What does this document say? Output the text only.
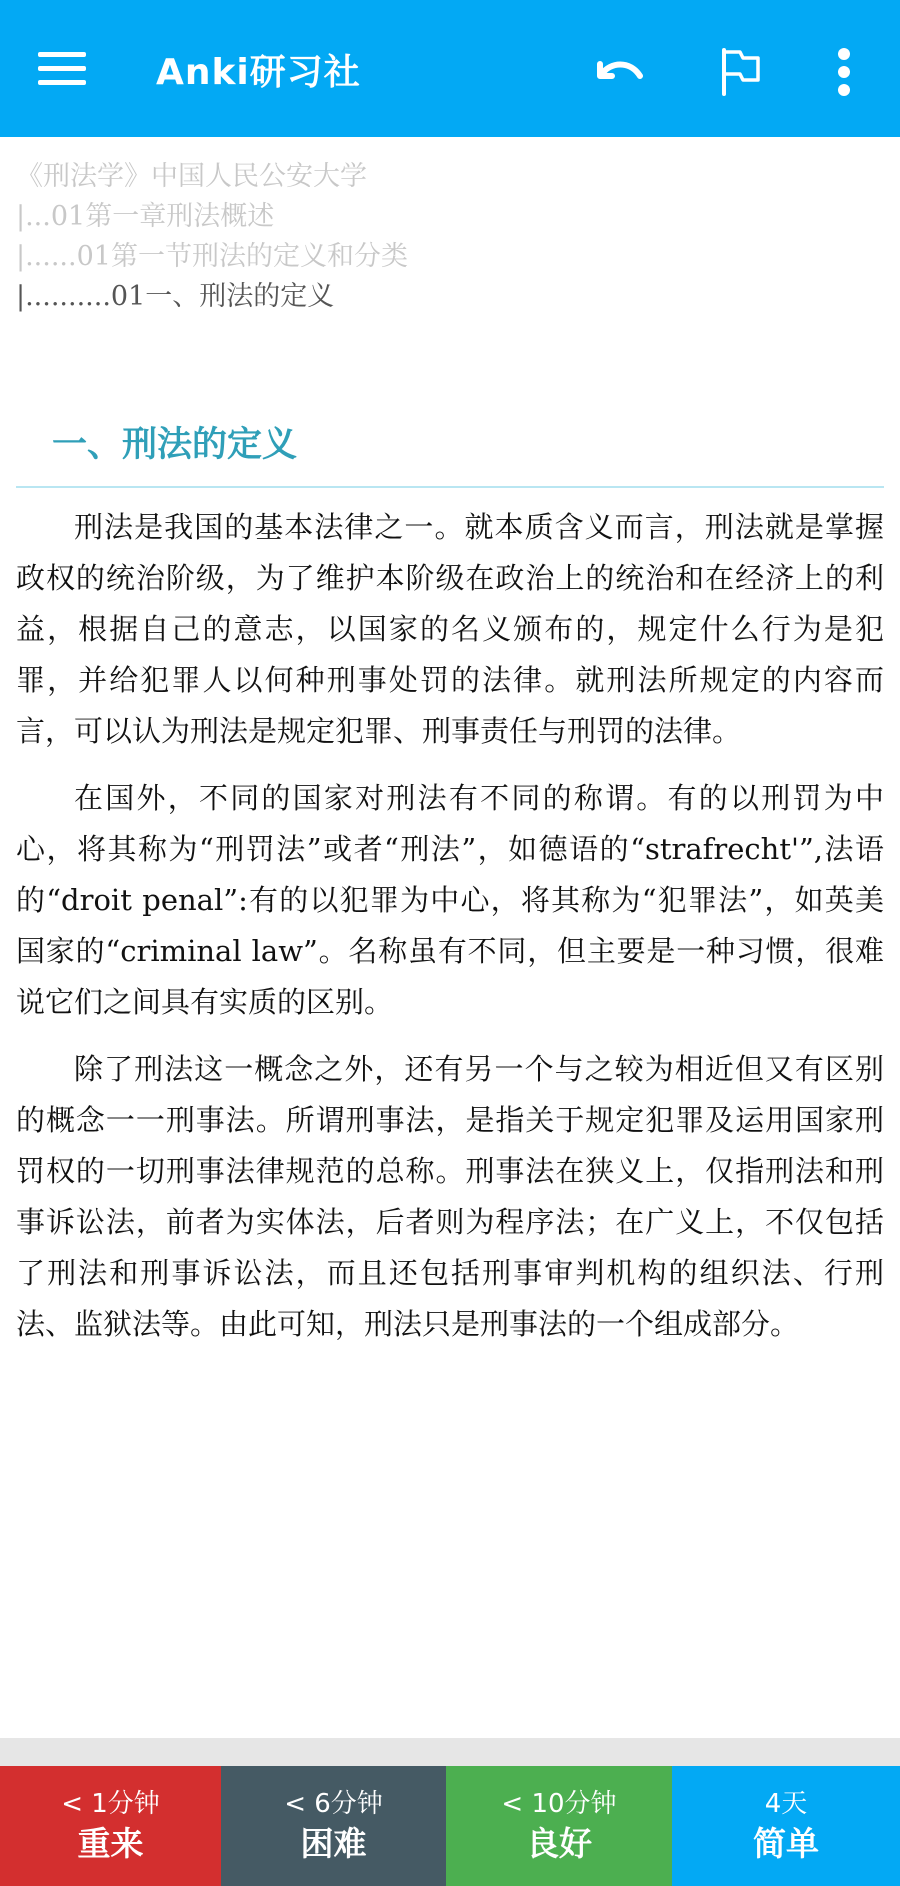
Anki研习社
《刑法学》中国人民公安大学
|...01第一章刑法概述
|......01第一节刑法的定义和分类
|..........01一、刑法的定义
一、刑法的定义

刑法是我国的基本法律之一。就本质含义而言，刑法就是掌握政权的统治阶级，为了维护本阶级在政治上的统治和在经济上的利益，根据自己的意志，以国家的名义颁布的，规定什么行为是犯罪，并给犯罪人以何种刑事处罚的法律。就刑法所规定的内容而言，可以认为刑法是规定犯罪、刑事责任与刑罚的法律。

在国外，不同的国家对刑法有不同的称谓。有的以刑罚为中心，将其称为“刑罚法”或者“刑法”，如德语的“strafrecht'”,法语的“droit penal”:有的以犯罪为中心，将其称为“犯罪法”，如英美国家的“criminal law”。名称虽有不同，但主要是一种习惯，很难说它们之间具有实质的区别。

除了刑法这一概念之外，还有另一个与之较为相近但又有区别的概念一一刑事法。所谓刑事法，是指关于规定犯罪及运用国家刑罚权的一切刑事法律规范的总称。刑事法在狭义上，仅指刑法和刑事诉讼法，前者为实体法，后者则为程序法；在广义上，不仅包括了刑法和刑事诉讼法，而且还包括刑事审判机构的组织法、行刑法、监狱法等。由此可知，刑法只是刑事法的一个组成部分。

< 1分钟
重来
< 6分钟
困难
< 10分钟
良好
4天
简单
